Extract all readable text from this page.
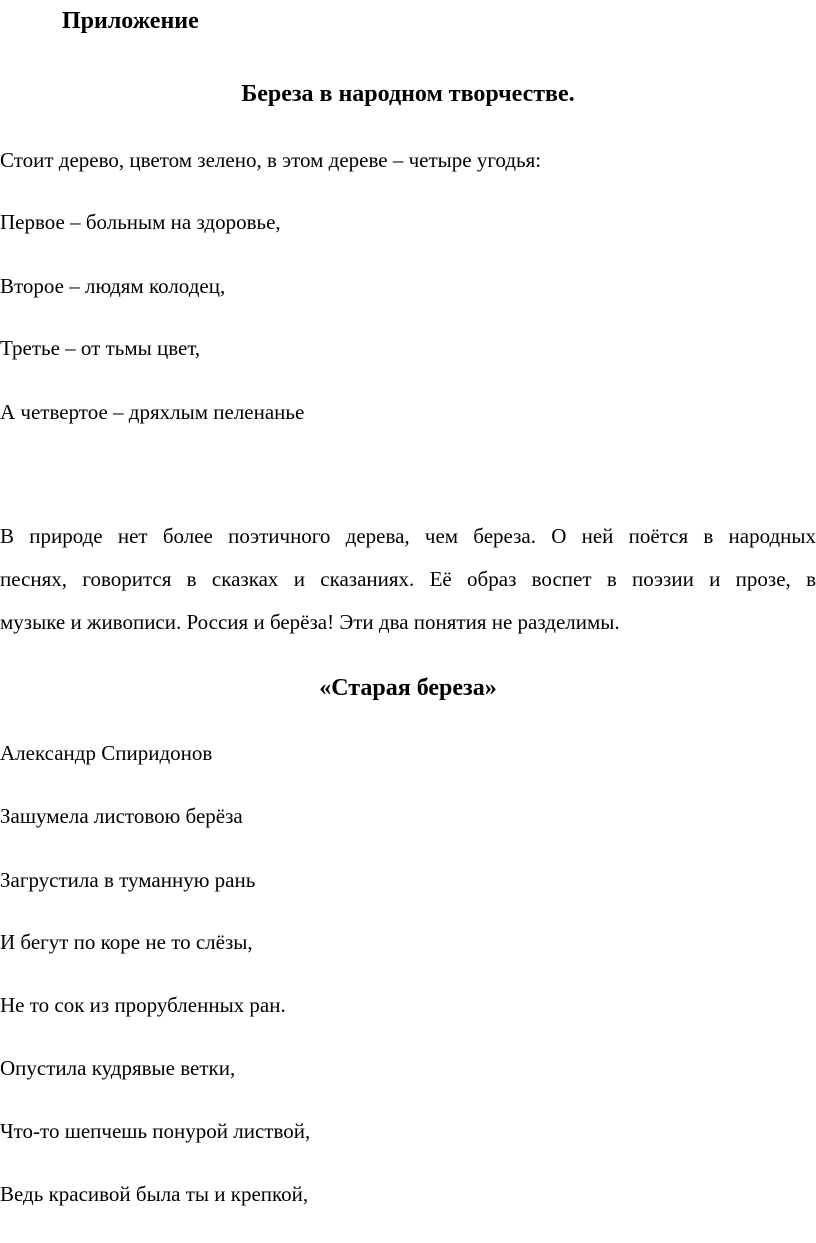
Приложение
Береза в народном творчестве.
Стоит дерево, цветом зелено, в этом дереве – четыре угодья:
Первое – больным на здоровье,
Второе – людям колодец,
Третье – от тьмы цвет,
А четвертое – дряхлым пеленанье
В природе нет более поэтичного дерева, чем береза. О ней поётся в народных
песнях, говорится в сказках и сказаниях. Её образ воспет в поэзии и прозе, в
музыке и живописи. Россия и берёза! Эти два понятия не разделимы.
«Старая береза»
Александр Спиридонов
Зашумела листовою берёза
Загрустила в туманную рань
И бегут по коре не то слёзы,
Не то сок из прорубленных ран.
Опустила кудрявые ветки,
Что-то шепчешь понурой листвой,
Ведь красивой была ты и крепкой,
